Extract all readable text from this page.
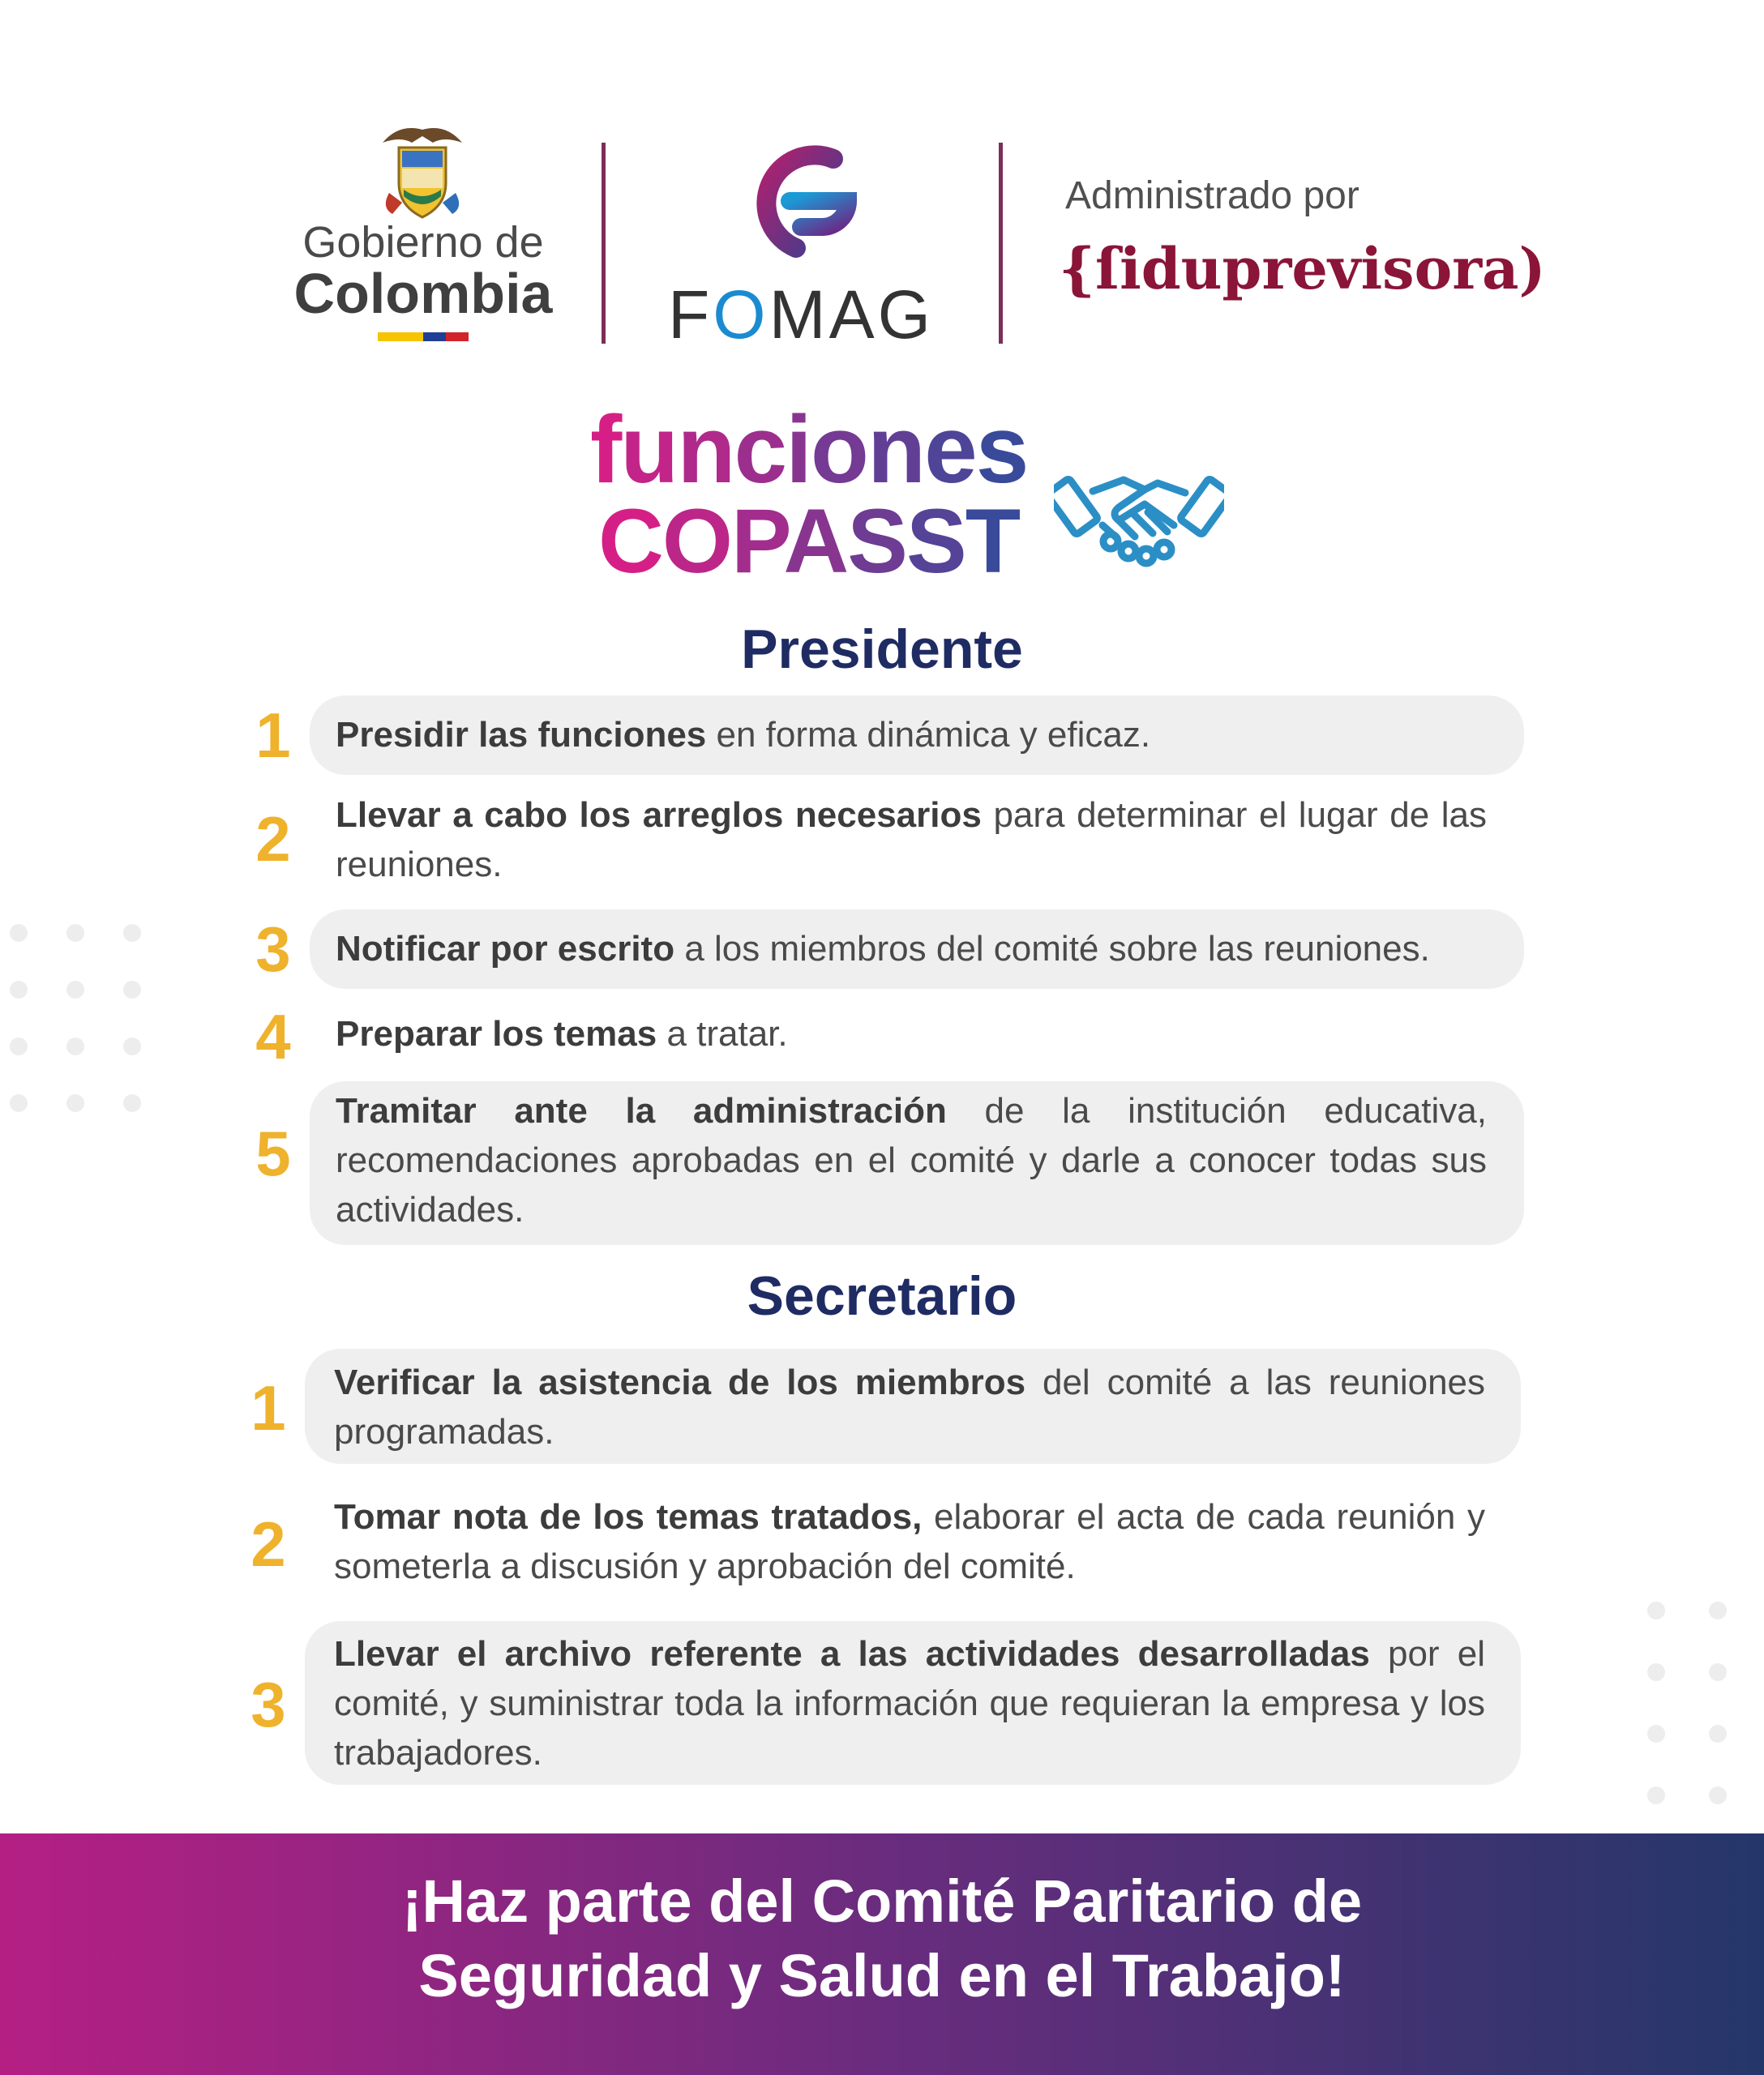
Gobierno de
Colombia FOMAG
Administrado por
{ſiduprevisora)
funciones
COPASST
Presidente
1	Presidir las funciones en forma dinámica y eficaz.
2	Llevar a cabo los arreglos necesarios para determinar el lugar de las reuniones.
3	Notificar por escrito a los miembros del comité sobre las reuniones.
4	Preparar los temas a tratar.
5
Tramitar ante la administración de la institución educativa, recomendaciones aprobadas en el comité y darle a conocer todas sus actividades.
Secretario
1	Verificar la asistencia de los miembros del comité a las reuniones programadas.
2	Tomar nota de los temas tratados, elaborar el acta de cada reunión y someterla a discusión y aprobación del comité.
3
Llevar el archivo referente a las actividades desarrolladas por el comité, y suministrar toda la información que requieran la empresa y los trabajadores.
¡Haz parte del Comité Paritario de
Seguridad y Salud en el Trabajo!
